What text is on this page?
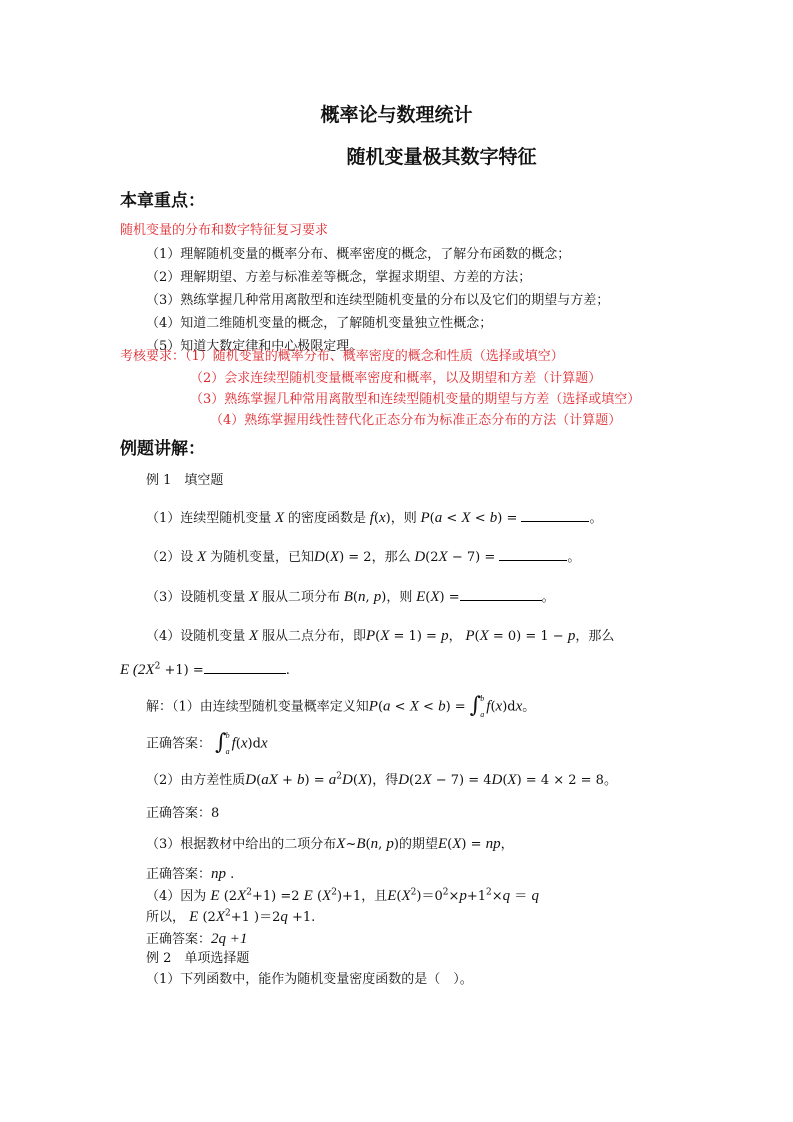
概率论与数理统计
随机变量极其数字特征
本章重点：
随机变量的分布和数字特征复习要求
（1）理解随机变量的概率分布、概率密度的概念，了解分布函数的概念；
（2）理解期望、方差与标准差等概念，掌握求期望、方差的方法；
（3）熟练掌握几种常用离散型和连续型随机变量的分布以及它们的期望与方差；
（4）知道二维随机变量的概念，了解随机变量独立性概念；
（5）知道大数定律和中心极限定理。
考核要求：（1）随机变量的概率分布、概率密度的概念和性质（选择或填空）
（2）会求连续型随机变量概率密度和概率，以及期望和方差（计算题）
（3）熟练掌握几种常用离散型和连续型随机变量的期望与方差（选择或填空）
（4）熟练掌握用线性替代化正态分布为标准正态分布的方法（计算题）
例题讲解：
例 1　填空题
（1）连续型随机变量 X 的密度函数是 f(x)，则 P(a < X < b) =	。
（2）设 X 为随机变量，已知D(X) = 2，那么 D(2X − 7) =	。
（3）设随机变量 X 服从二项分布 B(n, p)，则 E(X) =	。
（4）设随机变量 X 服从二点分布，即P(X = 1) = p， P(X = 0) = 1 − p，那么
E $(2X^2 +1)$ =	.
解：（1）由连续型随机变量概率定义知P(a < X < b) = ∫ b
a f(x)dx。
正确答案： ∫ b
a f(x)dx
（2）由方差性质$D(aX + b) = a^2D(X)$，得D(2X − 7) = 4D(X) = 4 × 2 = 8。
正确答案：8
（3）根据教材中给出的二项分布X~B(n, p)的期望E(X) = np，
正确答案：np .
（4）因为 E $(2X^2+1) =2$ E $(X^2)+1$，且$E(X^2)=0^2\times p+1^2\times q = q$
所以， E ($2X^2+1$ )＝2q +1.
正确答案：2q +1
例 2　单项选择题
（1）下列函数中，能作为随机变量密度函数的是（　）。
